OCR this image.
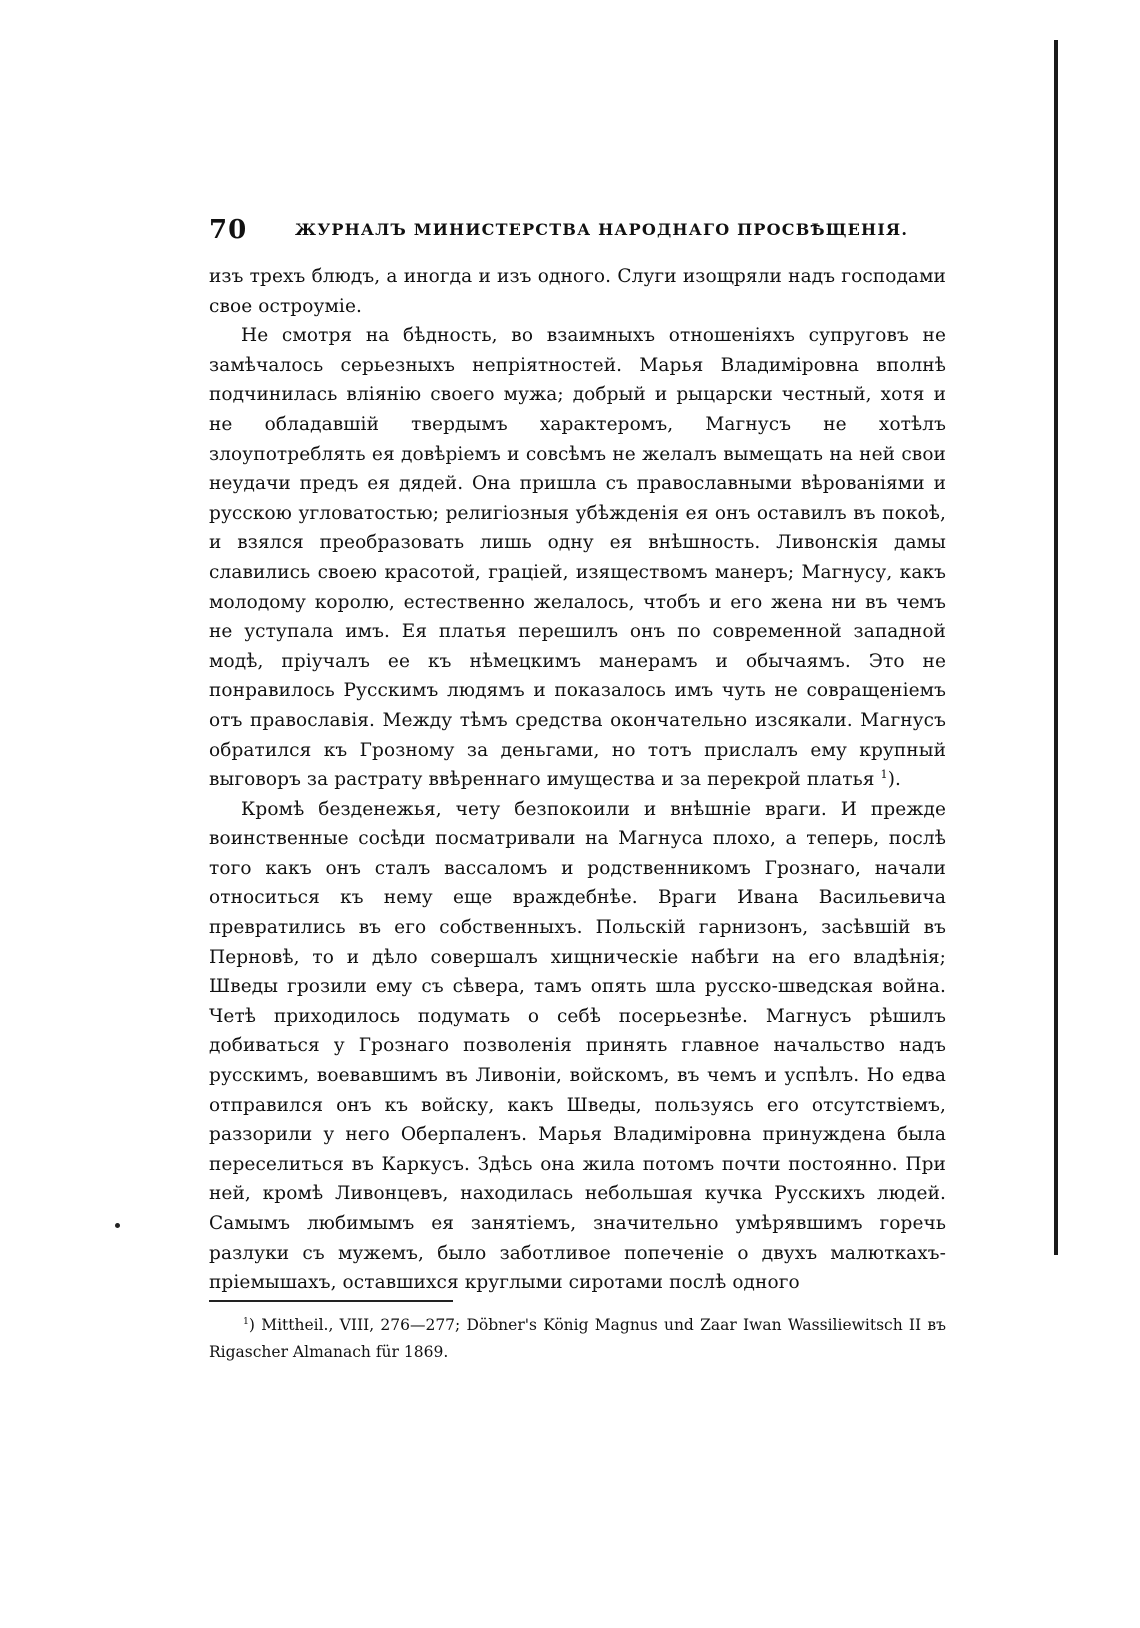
70	ЖУРНАЛЪ МИНИСТЕРСТВА НАРОДНАГО ПРОСВѢЩЕНІЯ.

изъ трехъ блюдъ, а иногда и изъ одного. Слуги изощряли надъ господами свое остроуміе.

Не смотря на бѣдность, во взаимныхъ отношеніяхъ супруговъ не замѣчалось серьезныхъ непріятностей. Марья Владиміровна вполнѣ подчинилась вліянію своего мужа; добрый и рыцарски честный, хотя и не обладавшій твердымъ характеромъ, Магнусъ не хотѣлъ злоупотреблять ея довѣріемъ и совсѣмъ не желалъ вымещать на ней свои неудачи предъ ея дядей. Она пришла съ православными вѣрованіями и русскою угловатостью; религіозныя убѣжденія ея онъ оставилъ въ покоѣ, и взялся преобразовать лишь одну ея внѣшность. Ливонскія дамы славились своею красотой, граціей, изяществомъ манеръ; Магнусу, какъ молодому королю, естественно желалось, чтобъ и его жена ни въ чемъ не уступала имъ. Ея платья перешилъ онъ по современной западной модѣ, пріучалъ ее къ нѣмецкимъ манерамъ и обычаямъ. Это не понравилось Русскимъ людямъ и показалось имъ чуть не совращеніемъ отъ православія. Между тѣмъ средства окончательно изсякали. Магнусъ обратился къ Грозному за деньгами, но тотъ прислалъ ему крупный выговоръ за растрату ввѣреннаго имущества и за перекрой платья $^1$).

Кромѣ безденежья, чету безпокоили и внѣшніе враги. И прежде воинственные сосѣди посматривали на Магнуса плохо, а теперь, послѣ того какъ онъ сталъ вассаломъ и родственникомъ Грознаго, начали относиться къ нему еще враждебнѣе. Враги Ивана Васильевича превратились въ его собственныхъ. Польскій гарнизонъ, засѣвшій въ Перновѣ, то и дѣло совершалъ хищническіе набѣги на его владѣнія; Шведы грозили ему съ сѣвера, тамъ опять шла русско-шведская война. Четѣ приходилось подумать о себѣ посерьезнѣе. Магнусъ рѣшилъ добиваться у Грознаго позволенія принять главное начальство надъ русскимъ, воевавшимъ въ Ливоніи, войскомъ, въ чемъ и успѣлъ. Но едва отправился онъ къ войску, какъ Шведы, пользуясь его отсутствіемъ, раззорили у него Оберпаленъ. Марья Владиміровна принуждена была переселиться въ Каркусъ. Здѣсь она жила потомъ почти постоянно. При ней, кромѣ Ливонцевъ, находилась небольшая кучка Русскихъ людей. Самымъ любимымъ ея занятіемъ, значительно умѣрявшимъ горечь разлуки съ мужемъ, было заботливое попеченіе о двухъ малюткахъ-пріемышахъ, оставшихся круглыми сиротами послѣ одного

$^1$) Mittheil., VIII, 276—277; Döbner's König Magnus und Zaar Iwan Wassiliewitsch II въ Rigascher Almanach für 1869.
